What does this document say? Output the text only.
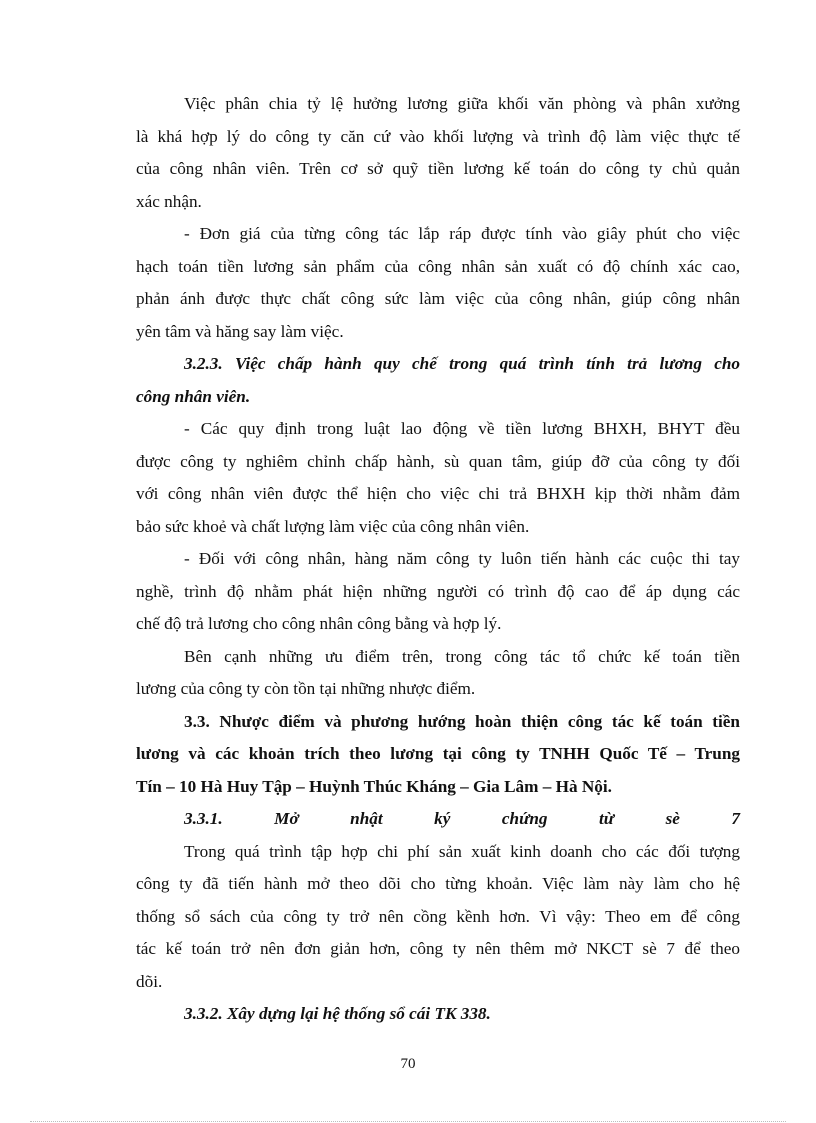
Việc phân chia tỷ lệ hưởng lương giữa khối văn phòng và phân xưởng
là khá hợp lý do công ty căn cứ vào khối lượng và trình độ làm việc thực tế
của công nhân viên. Trên cơ sở quỹ tiền lương kế toán do công ty chủ quản
xác nhận.
- Đơn giá của từng công tác lắp ráp được tính vào giây phút cho việc
hạch toán tiền lương sản phẩm của công nhân sản xuất có độ chính xác cao,
phản ánh được thực chất công sức làm việc của công nhân, giúp công nhân
yên tâm và hăng say làm việc.
3.2.3. Việc chấp hành quy chế trong quá trình tính trả lương cho
công nhân viên.
- Các quy định trong luật lao động về tiền lương BHXH, BHYT đều
được công ty nghiêm chỉnh chấp hành, sù quan tâm, giúp đỡ của công ty đối
với công nhân viên được thể hiện cho việc chi trả BHXH kịp thời nhằm đảm
bảo sức khoẻ và chất lượng làm việc của công nhân viên.
- Đối với công nhân, hàng năm công ty luôn tiến hành các cuộc thi tay
nghề, trình độ nhằm phát hiện những người có trình độ cao để áp dụng các
chế độ trả lương cho công nhân công bằng và hợp lý.
Bên cạnh những ưu điểm trên, trong công tác tổ chức kế toán tiền
lương của công ty còn tồn tại những nhược điểm.
3.3. Nhược điểm và phương hướng hoàn thiện công tác kế toán tiền
lương và các khoản trích theo lương tại công ty TNHH Quốc Tế – Trung
Tín – 10 Hà Huy Tập – Huỳnh Thúc Kháng – Gia Lâm – Hà Nội.
3.3.1. Mở nhật ký chứng từ sè 7
Trong quá trình tập hợp chi phí sản xuất kinh doanh cho các đối tượng
công ty đã tiến hành mở theo dõi cho từng khoản. Việc làm này làm cho hệ
thống sổ sách của công ty trở nên cồng kềnh hơn. Vì vậy: Theo em để công
tác kế toán trở nên đơn giản hơn, công ty nên thêm mở NKCT sè 7 để theo
dõi.
3.3.2. Xây dựng lại hệ thống sổ cái TK 338.
70
